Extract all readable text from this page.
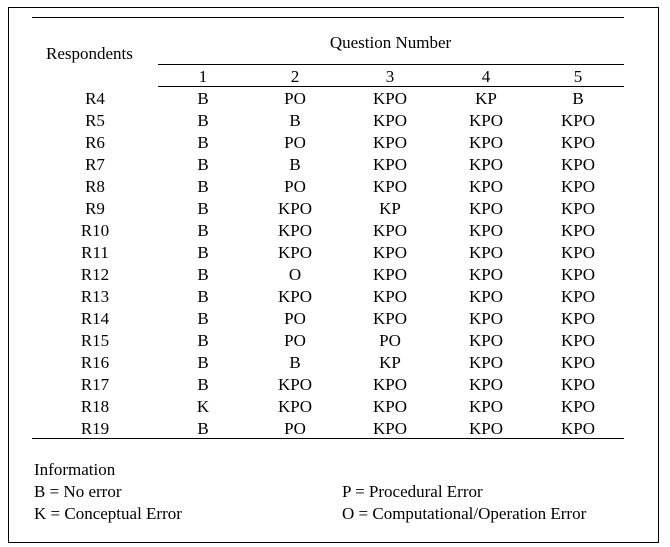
Respondents
Question Number
1	2	3	4	5
R4	B	PO	KPO	KP	B
R5	B	B	KPO	KPO	KPO
R6	B	PO	KPO	KPO	KPO
R7	B	B	KPO	KPO	KPO
R8	B	PO	KPO	KPO	KPO
R9	B	KPO	KP	KPO	KPO
R10	B	KPO	KPO	KPO	KPO
R11	B	KPO	KPO	KPO	KPO
R12	B	O	KPO	KPO	KPO
R13	B	KPO	KPO	KPO	KPO
R14	B	PO	KPO	KPO	KPO
R15	B	PO	PO	KPO	KPO
R16	B	B	KP	KPO	KPO
R17	B	KPO	KPO	KPO	KPO
R18	K	KPO	KPO	KPO	KPO
R19	B	PO	KPO	KPO	KPO
Information
B = No error
K = Conceptual Error
P = Procedural Error
O = Computational/Operation Error
